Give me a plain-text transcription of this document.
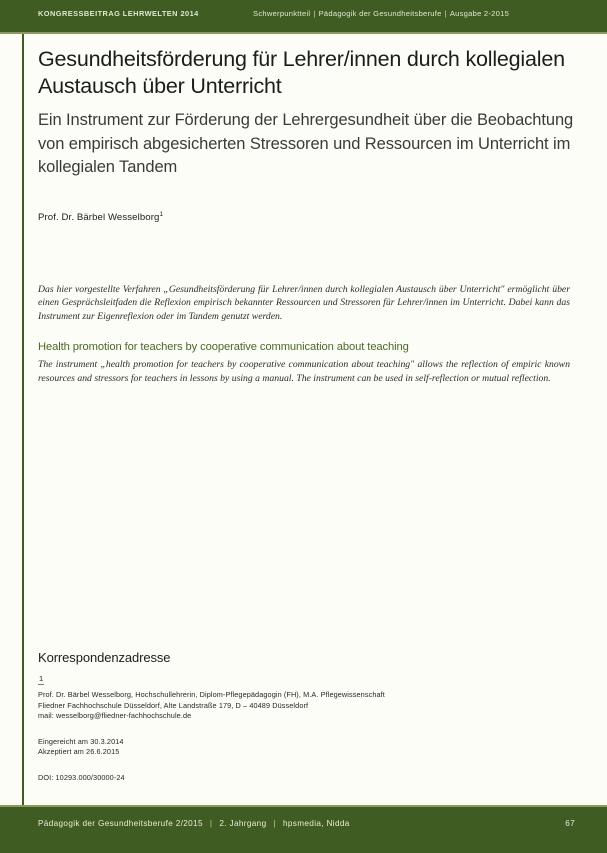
KONGRESSBEITRAG LEHRWELTEN 2014	Schwerpunktteil | Pädagogik der Gesundheitsberufe | Ausgabe 2-2015
Gesundheitsförderung für Lehrer/innen durch kollegialen Austausch über Unterricht
Ein Instrument zur Förderung der Lehrergesundheit über die Beobachtung von empirisch abgesicherten Stressoren und Ressourcen im Unterricht im kollegialen Tandem
Prof. Dr. Bärbel Wesselborg$^1$

Das hier vorgestellte Verfahren „Gesundheitsförderung für Lehrer/innen durch kollegialen Austausch über Unterricht" ermöglicht über einen Gesprächsleitfaden die Reflexion empirisch bekannter Ressourcen und Stressoren für Lehrer/innen im Unterricht. Dabei kann das Instrument zur Eigenreflexion oder im Tandem genutzt werden.

Health promotion for teachers by cooperative communication about teaching

The instrument „health promotion for teachers by cooperative communication about teaching" allows the reflection of empiric known resources and stressors for teachers in lessons by using a manual. The instrument can be used in self-reflection or mutual reflection.

Korrespondenzadresse
1
Prof. Dr. Bärbel Wesselborg, Hochschullehrerin, Diplom-Pflegepädagogin (FH), M.A. Pflegewissenschaft
Fliedner Fachhochschule Düsseldorf, Alte Landstraße 179, D – 40489 Düsseldorf
mail: wesselborg@fliedner-fachhochschule.de
Eingereicht am 30.3.2014
Akzeptiert am 26.6.2015
DOI: 10293.000/30000-24
Pädagogik der Gesundheitsberufe 2/2015 | 2. Jahrgang | hpsmedia, Nidda	67
